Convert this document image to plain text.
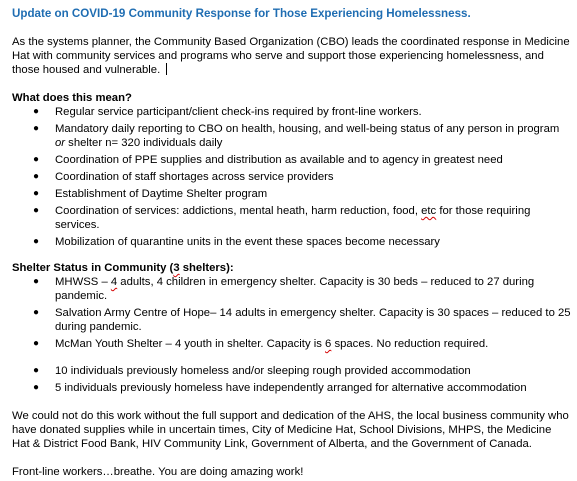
Update on COVID-19 Community Response for Those Experiencing Homelessness.

As the systems planner, the Community Based Organization (CBO) leads the coordinated response in Medicine Hat with community services and programs who serve and support those experiencing homelessness, and those housed and vulnerable.

What does this mean?

● Regular service participant/client check-ins required by front-line workers.
● Mandatory daily reporting to CBO on health, housing, and well-being status of any person in program or shelter n= 320 individuals daily
● Coordination of PPE supplies and distribution as available and to agency in greatest need
● Coordination of staff shortages across service providers
● Establishment of Daytime Shelter program
● Coordination of services: addictions, mental heath, harm reduction, food, etc for those requiring services.
● Mobilization of quarantine units in the event these spaces become necessary

Shelter Status in Community (3 shelters):

● MHWSS – 4 adults, 4 children in emergency shelter. Capacity is 30 beds – reduced to 27 during pandemic.
● Salvation Army Centre of Hope– 14 adults in emergency shelter. Capacity is 30 spaces – reduced to 25 during pandemic.
● McMan Youth Shelter – 4 youth in shelter. Capacity is 6 spaces. No reduction required.
● 10 individuals previously homeless and/or sleeping rough provided accommodation
● 5 individuals previously homeless have independently arranged for alternative accommodation

We could not do this work without the full support and dedication of the AHS, the local business community who have donated supplies while in uncertain times, City of Medicine Hat, School Divisions, MHPS, the Medicine Hat & District Food Bank, HIV Community Link, Government of Alberta, and the Government of Canada.

Front-line workers…breathe. You are doing amazing work!
